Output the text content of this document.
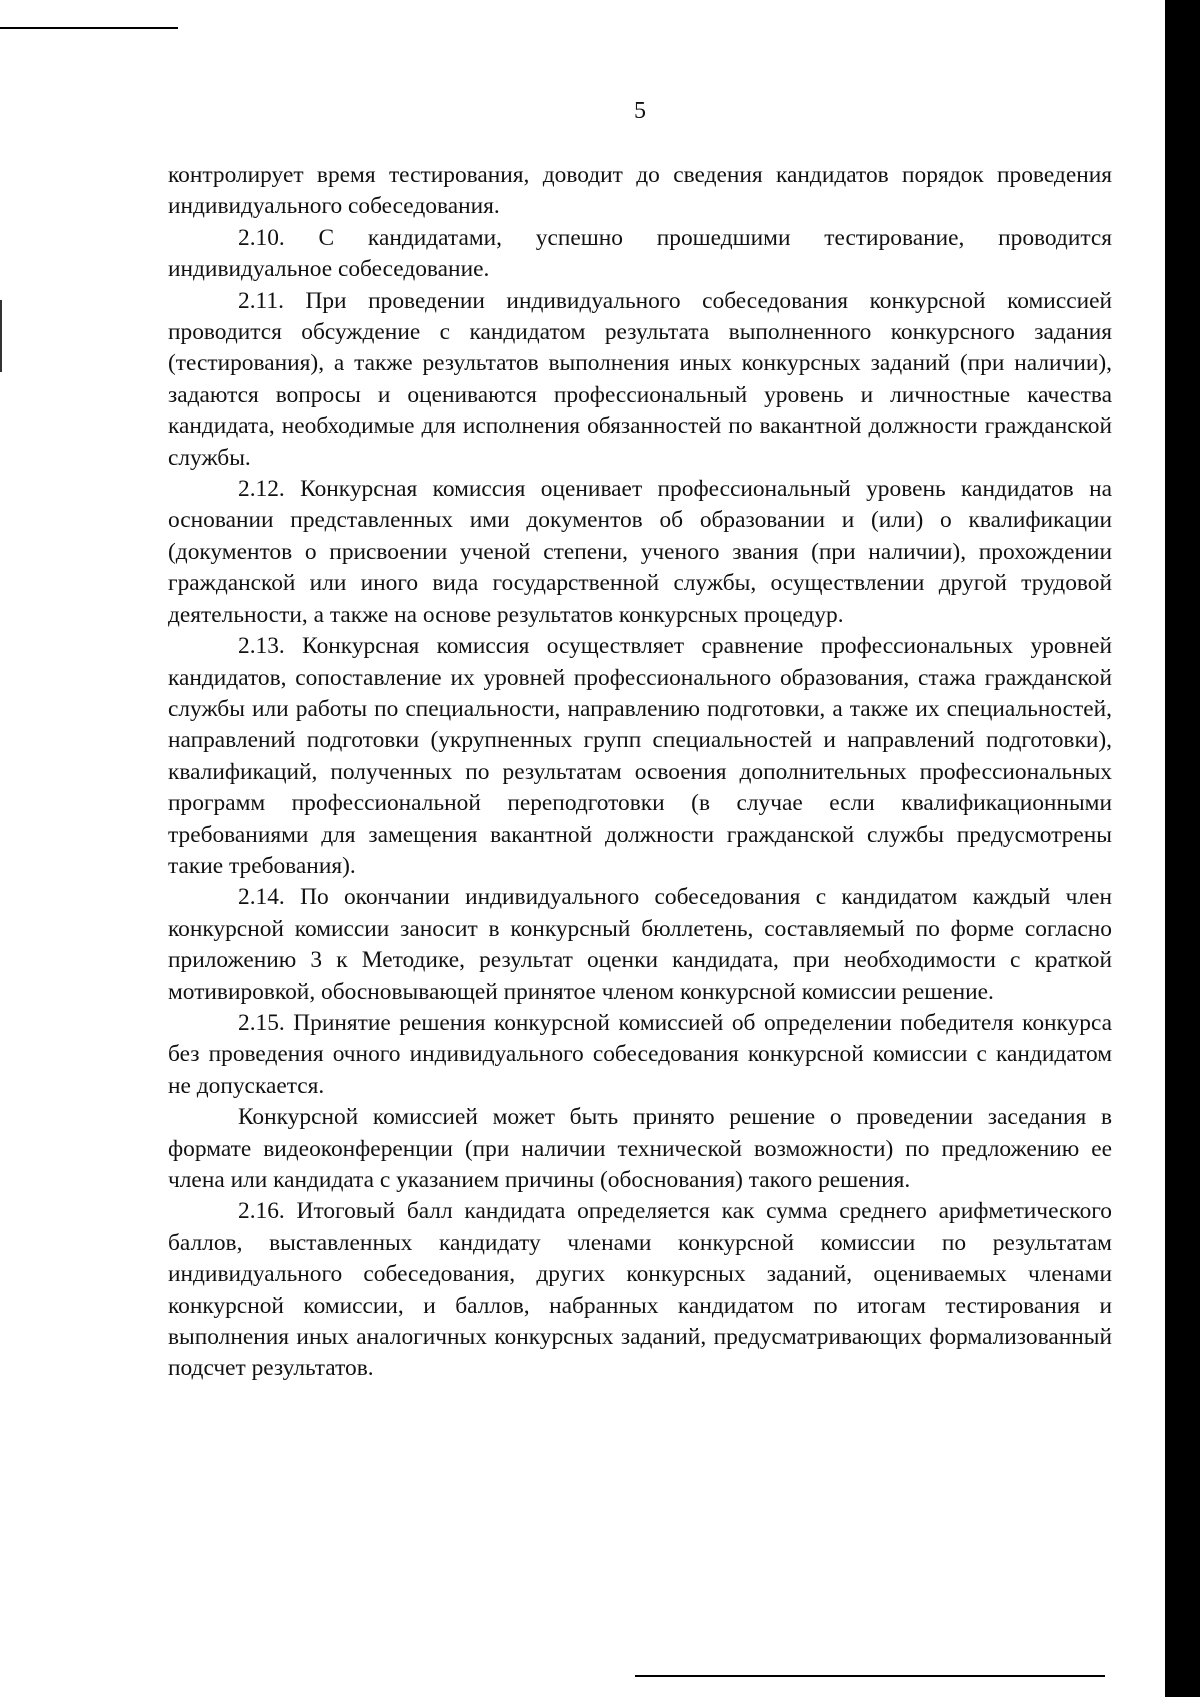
5

контролирует время тестирования, доводит до сведения кандидатов порядок проведения индивидуального собеседования.

2.10. С кандидатами, успешно прошедшими тестирование, проводится индивидуальное собеседование.

2.11. При проведении индивидуального собеседования конкурсной комиссией проводится обсуждение с кандидатом результата выполненного конкурсного задания (тестирования), а также результатов выполнения иных конкурсных заданий (при наличии), задаются вопросы и оцениваются профессиональный уровень и личностные качества кандидата, необходимые для исполнения обязанностей по вакантной должности гражданской службы.

2.12. Конкурсная комиссия оценивает профессиональный уровень кандидатов на основании представленных ими документов об образовании и (или) о квалификации (документов о присвоении ученой степени, ученого звания (при наличии), прохождении гражданской или иного вида государственной службы, осуществлении другой трудовой деятельности, а также на основе результатов конкурсных процедур.

2.13. Конкурсная комиссия осуществляет сравнение профессиональных уровней кандидатов, сопоставление их уровней профессионального образования, стажа гражданской службы или работы по специальности, направлению подготовки, а также их специальностей, направлений подготовки (укрупненных групп специальностей и направлений подготовки), квалификаций, полученных по результатам освоения дополнительных профессиональных программ профессиональной переподготовки (в случае если квалификационными требованиями для замещения вакантной должности гражданской службы предусмотрены такие требования).

2.14. По окончании индивидуального собеседования с кандидатом каждый член конкурсной комиссии заносит в конкурсный бюллетень, составляемый по форме согласно приложению 3 к Методике, результат оценки кандидата, при необходимости с краткой мотивировкой, обосновывающей принятое членом конкурсной комиссии решение.

2.15. Принятие решения конкурсной комиссией об определении победителя конкурса без проведения очного индивидуального собеседования конкурсной комиссии с кандидатом не допускается.

Конкурсной комиссией может быть принято решение о проведении заседания в формате видеоконференции (при наличии технической возможности) по предложению ее члена или кандидата с указанием причины (обоснования) такого решения.

2.16. Итоговый балл кандидата определяется как сумма среднего арифметического баллов, выставленных кандидату членами конкурсной комиссии по результатам индивидуального собеседования, других конкурсных заданий, оцениваемых членами конкурсной комиссии, и баллов, набранных кандидатом по итогам тестирования и выполнения иных аналогичных конкурсных заданий, предусматривающих формализованный подсчет результатов.
